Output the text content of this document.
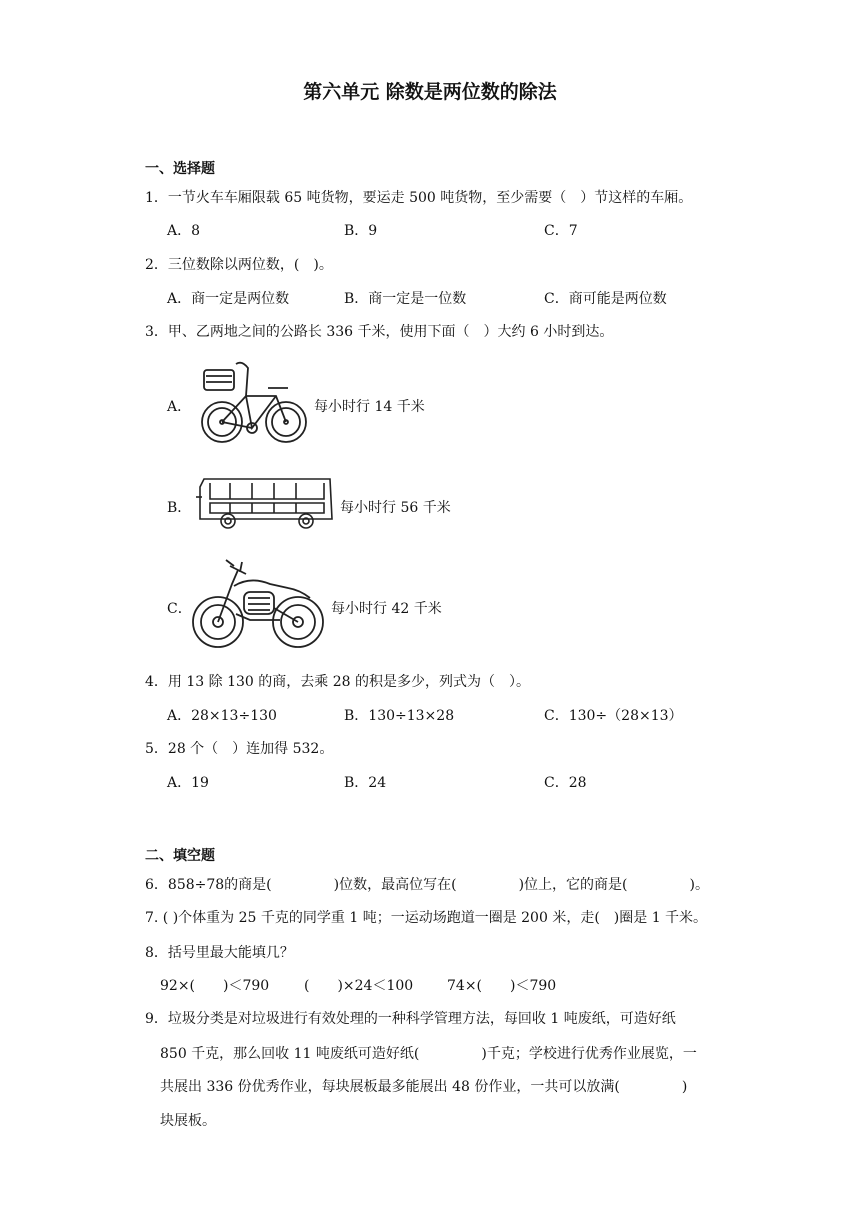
第六单元 除数是两位数的除法
一、选择题
1．一节火车车厢限载 65 吨货物，要运走 500 吨货物，至少需要（　）节这样的车厢。
A．8	B．9	C．7
2．三位数除以两位数，(　)。
A．商一定是两位数	B．商一定是一位数	C．商可能是两位数
3．甲、乙两地之间的公路长 336 千米，使用下面（　）大约 6 小时到达。
A．	每小时行 14 千米
B．	每小时行 56 千米
C．	每小时行 42 千米
4．用 13 除 130 的商，去乘 28 的积是多少，列式为（　）。
A．28×13÷130	B．130÷13×28	C．130÷（28×13）
5．28 个（　）连加得 532。
A．19	B．24	C．28
二、填空题
6．858÷78的商是(	)位数，最高位写在(	)位上，它的商是(	)。
7. ( )个体重为 25 千克的同学重 1 吨；一运动场跑道一圈是 200 米，走(　)圈是 1 千米。
8．括号里最大能填几？
92×(　　)＜790 (　　)×24＜100 74×(　　)＜790
9．垃圾分类是对垃圾进行有效处理的一种科学管理方法，每回收 1 吨废纸，可造好纸
850 千克，那么回收 11 吨废纸可造好纸(	)千克；学校进行优秀作业展览，一
共展出 336 份优秀作业，每块展板最多能展出 48 份作业，一共可以放满(	)
块展板。
